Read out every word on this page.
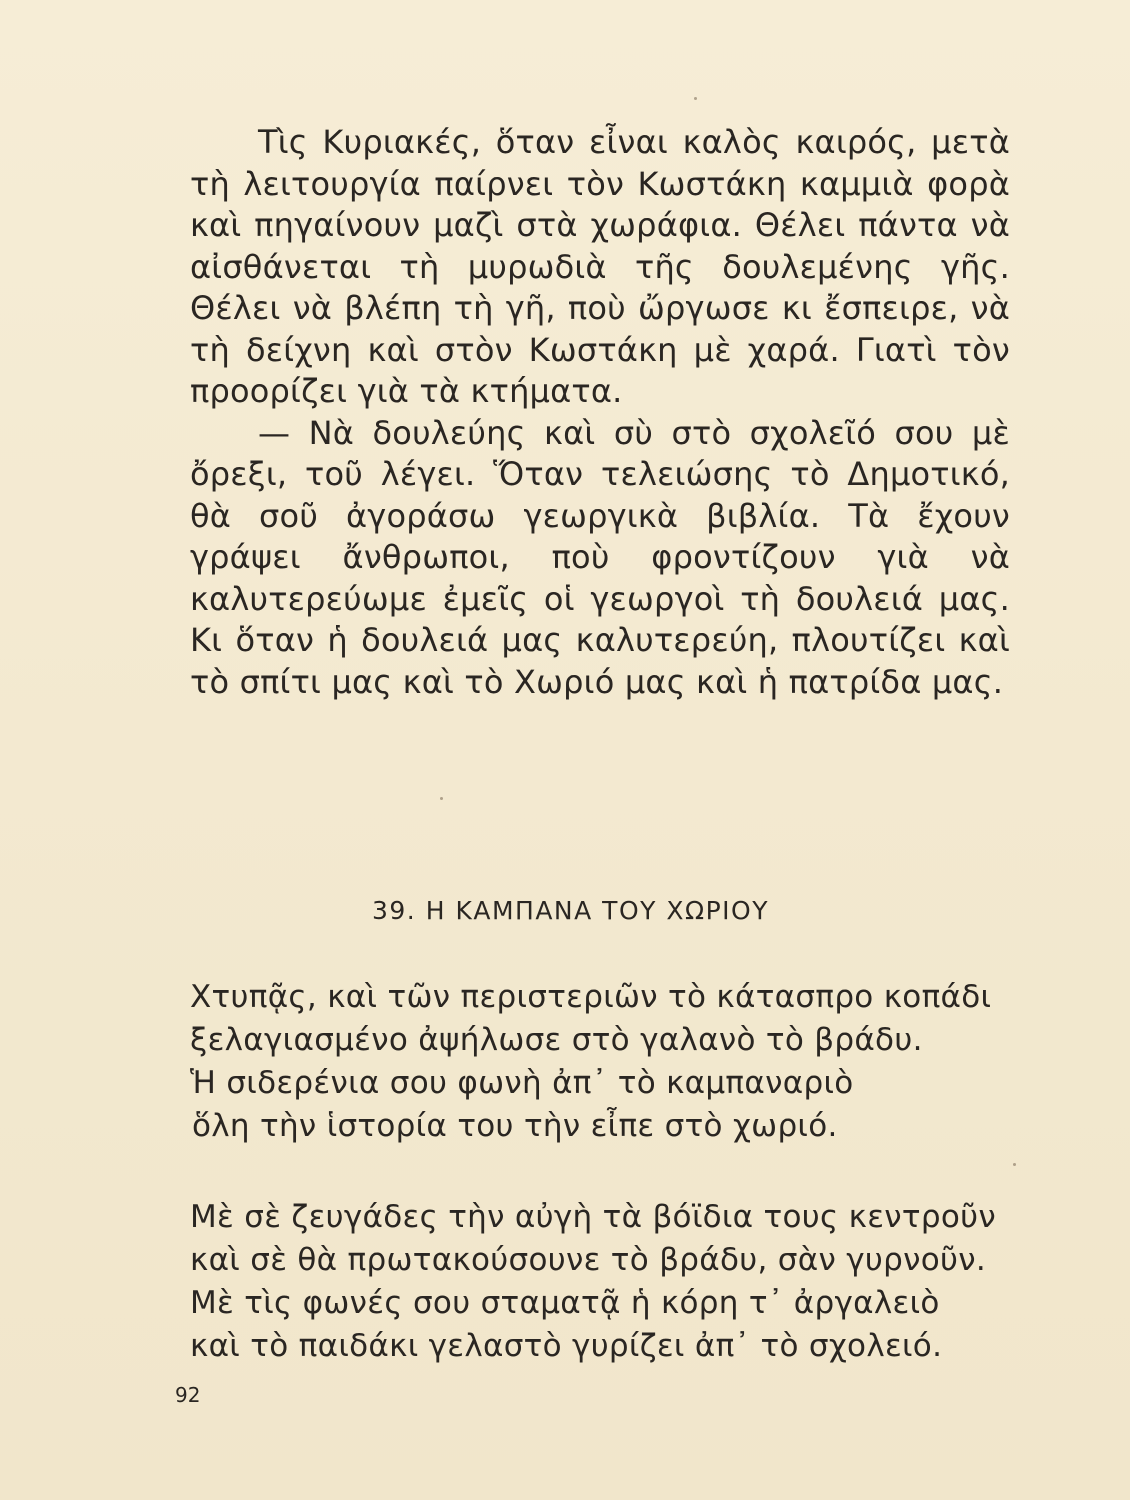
Τὶς Κυριακές, ὅταν εἶναι καλὸς καιρός, μετὰ τὴ λειτουργία παίρνει τὸν Κωστάκη καμμιὰ φορὰ καὶ πηγαίνουν μαζὶ στὰ χωράφια. Θέλει πάντα νὰ αἰσθάνεται τὴ μυρωδιὰ τῆς δουλεμένης γῆς. Θέλει νὰ βλέπη τὴ γῆ, ποὺ ὤργωσε κι ἔσπειρε, νὰ τὴ δείχνη καὶ στὸν Κωστάκη μὲ χαρά. Γιατὶ τὸν προορίζει γιὰ τὰ κτήματα.

— Νὰ δουλεύης καὶ σὺ στὸ σχολεῖό σου μὲ ὄρεξι, τοῦ λέγει. Ὅταν τελειώσης τὸ Δημοτικό, θὰ σοῦ ἀγοράσω γεωργικὰ βιβλία. Τὰ ἔχουν γράψει ἄνθρωποι, ποὺ φροντίζουν γιὰ νὰ καλυτερεύωμε ἐμεῖς οἱ γεωργοὶ τὴ δουλειά μας. Κι ὅταν ἡ δουλειά μας καλυτερεύη, πλουτίζει καὶ τὸ σπίτι μας καὶ τὸ Χωριό μας καὶ ἡ πατρίδα μας.

39. Η ΚΑΜΠΑΝΑ ΤΟΥ ΧΩΡΙΟΥ
Χτυπᾷς, καὶ τῶν περιστεριῶν τὸ κάτασπρο κοπάδι
ξελαγιασμένο ἀψήλωσε στὸ γαλανὸ τὸ βράδυ.
Ἡ σιδερένια σου φωνὴ ἀπ᾽ τὸ καμπαναριὸ
ὅλη τὴν ἱστορία του τὴν εἶπε στὸ χωριό.
Μὲ σὲ ζευγάδες τὴν αὐγὴ τὰ βόϊδια τους κεντροῦν
καὶ σὲ θὰ πρωτακούσουνε τὸ βράδυ, σὰν γυρνοῦν.
Μὲ τὶς φωνές σου σταματᾷ ἡ κόρη τ᾽ ἀργαλειὸ
καὶ τὸ παιδάκι γελαστὸ γυρίζει ἀπ᾽ τὸ σχολειό.
92
